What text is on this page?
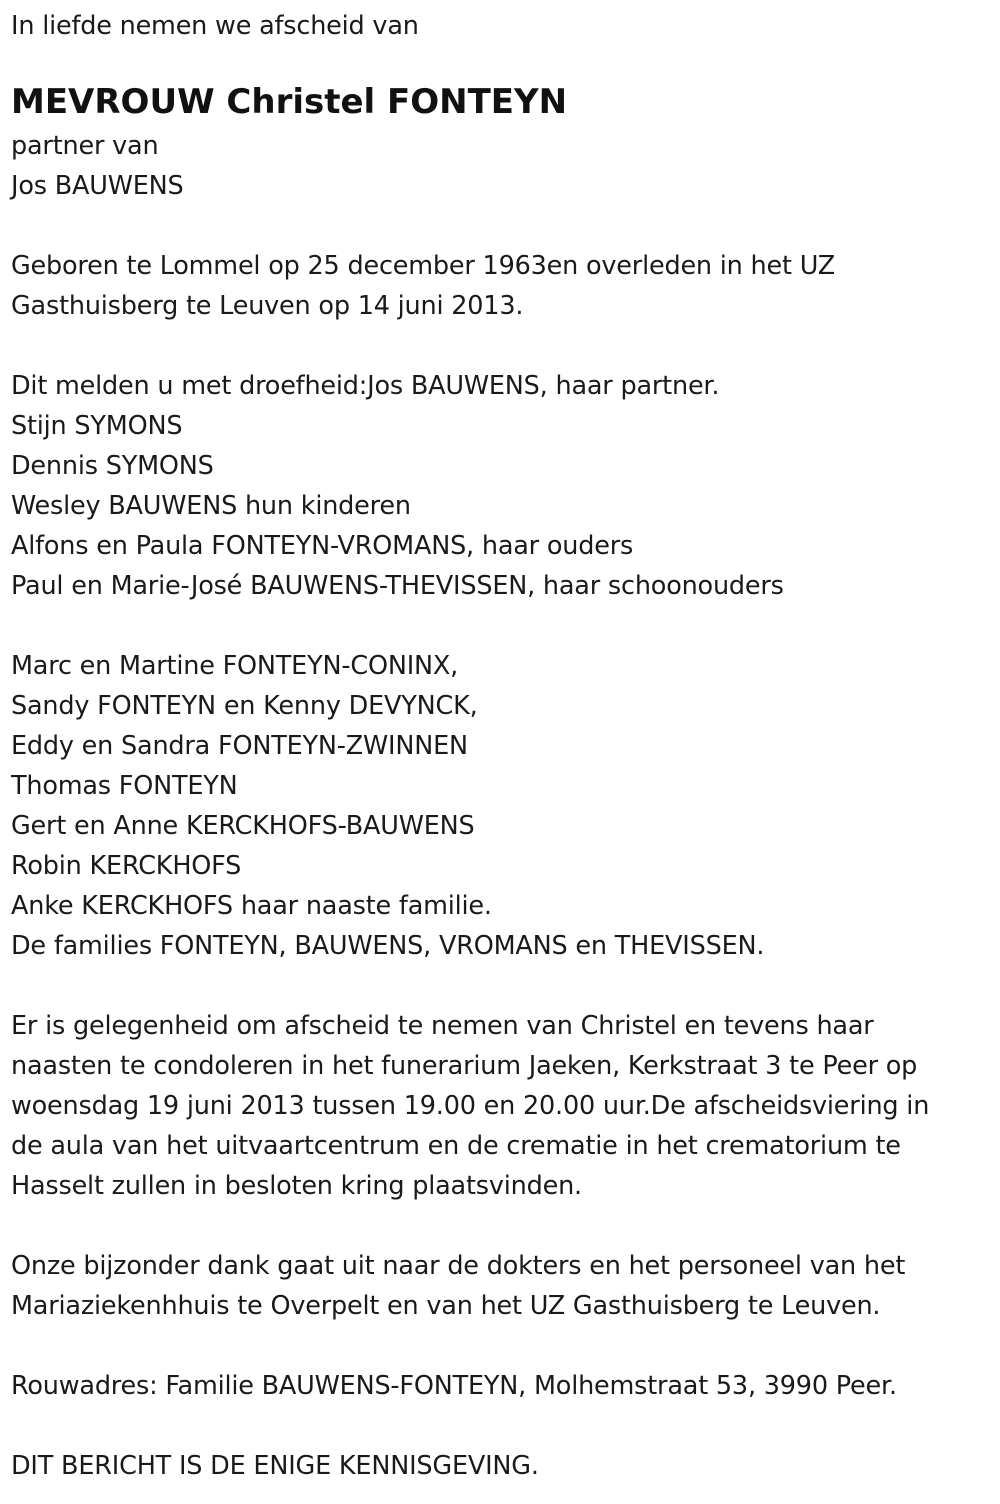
In liefde nemen we afscheid van
MEVROUW Christel FONTEYN
partner van
Jos BAUWENS
Geboren te Lommel op 25 december 1963en overleden in het UZ
Gasthuisberg te Leuven op 14 juni 2013.
Dit melden u met droefheid:Jos BAUWENS, haar partner.
Stijn SYMONS
Dennis SYMONS
Wesley BAUWENS hun kinderen
Alfons en Paula FONTEYN-VROMANS, haar ouders
Paul en Marie-José BAUWENS-THEVISSEN, haar schoonouders
Marc en Martine FONTEYN-CONINX,
Sandy FONTEYN en Kenny DEVYNCK,
Eddy en Sandra FONTEYN-ZWINNEN
Thomas FONTEYN
Gert en Anne KERCKHOFS-BAUWENS
Robin KERCKHOFS
Anke KERCKHOFS haar naaste familie.
De families FONTEYN, BAUWENS, VROMANS en THEVISSEN.
Er is gelegenheid om afscheid te nemen van Christel en tevens haar
naasten te condoleren in het funerarium Jaeken, Kerkstraat 3 te Peer op
woensdag 19 juni 2013 tussen 19.00 en 20.00 uur.De afscheidsviering in
de aula van het uitvaartcentrum en de crematie in het crematorium te
Hasselt zullen in besloten kring plaatsvinden.
Onze bijzonder dank gaat uit naar de dokters en het personeel van het
Mariaziekenhhuis te Overpelt en van het UZ Gasthuisberg te Leuven.
Rouwadres: Familie BAUWENS-FONTEYN, Molhemstraat 53, 3990 Peer.
DIT BERICHT IS DE ENIGE KENNISGEVING.
